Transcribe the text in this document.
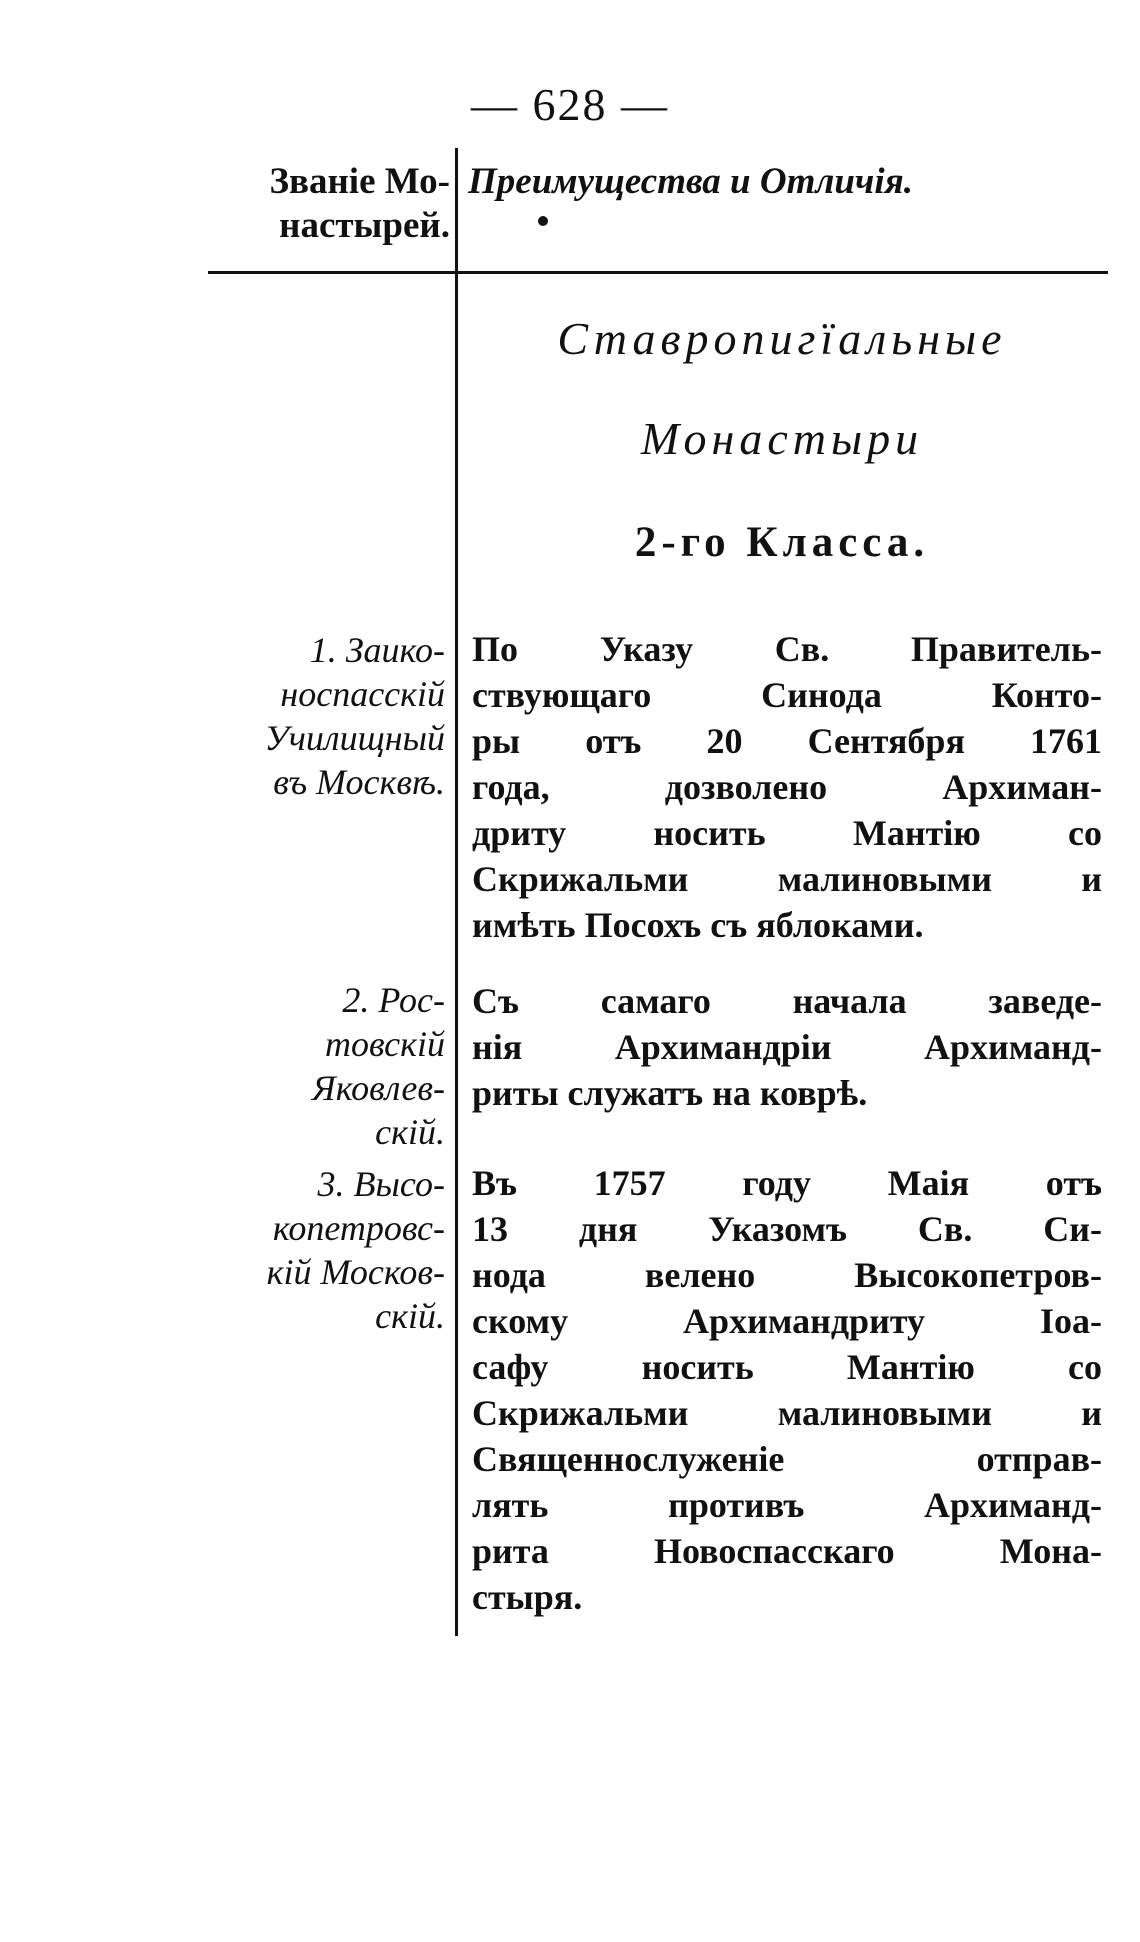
— 628 —
Званіе Мо-
настырей.
Преимущества и Отличія.
Ставропигїальные
Монастыри
2-го Класса.
1. Заико-
носпасскій
Училищный
въ Москвѣ.
По Указу Св. Правитель-
ствующаго Синода Конто-
ры отъ 20 Сентября 1761
года, дозволено Архиман-
дриту носить Мантію со
Скрижальми малиновыми и
имѣть Посохъ съ яблоками.
2. Рос-
товскій
Яковлев-
скій.
Съ самаго начала заведе-
нія Архимандріи Архиманд-
риты служатъ на коврѣ.
3. Высо-
копетровс-
кій Москов-
скій.
Въ 1757 году Маія отъ
13 дня Указомъ Св. Си-
нода велено Высокопетров-
скому Архимандриту Іоа-
сафу носить Мантію со
Скрижальми малиновыми и
Священнослуженіе отправ-
лять противъ Архиманд-
рита Новоспасскаго Мона-
стыря.
